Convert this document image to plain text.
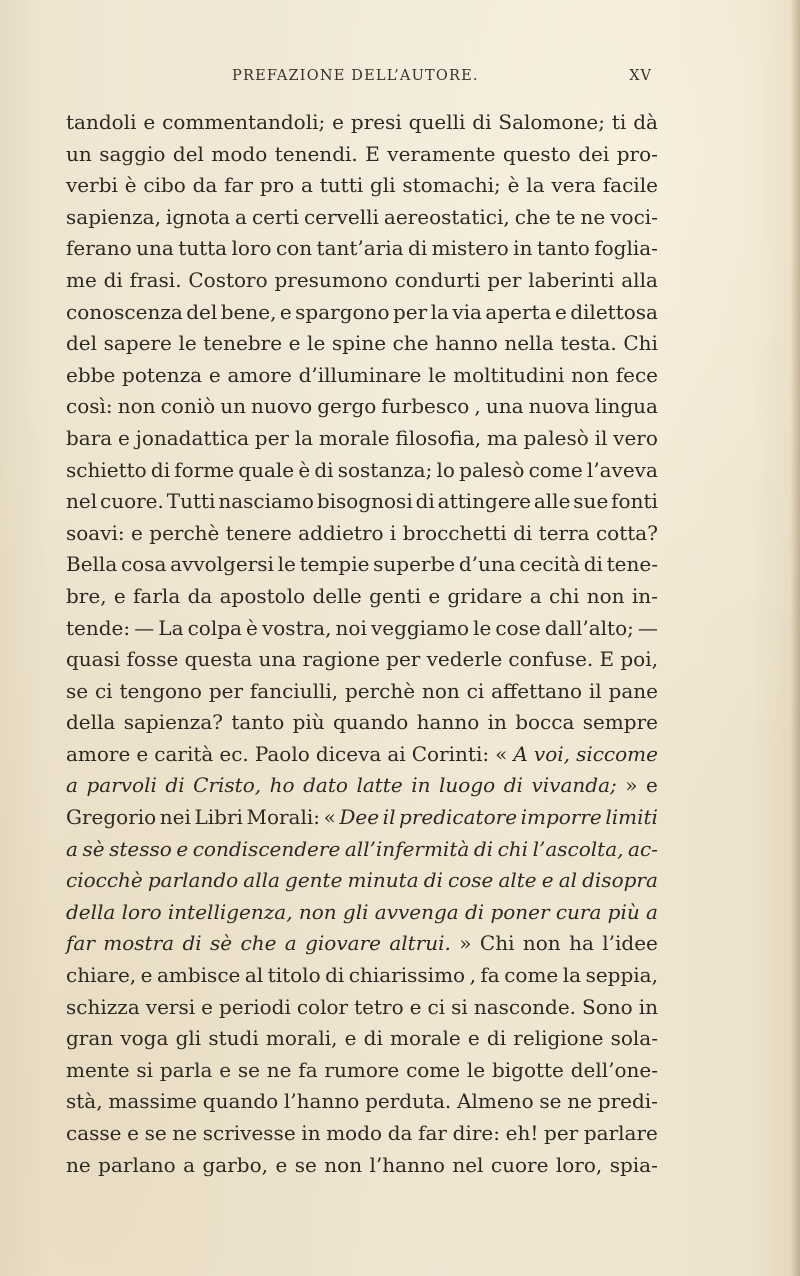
PREFAZIONE DELL’AUTORE.	XV
tandoli e commentandoli; e presi quelli di Salomone; ti dà
un saggio del modo tenendi. E veramente questo dei pro-
verbi è cibo da far pro a tutti gli stomachi; è la vera facile
sapienza, ignota a certi cervelli aereostatici, che te ne voci-
ferano una tutta loro con tant’aria di mistero in tanto foglia-
me di frasi. Costoro presumono condurti per laberinti alla
conoscenza del bene, e spargono per la via aperta e dilettosa
del sapere le tenebre e le spine che hanno nella testa. Chi
ebbe potenza e amore d’illuminare le moltitudini non fece
così: non coniò un nuovo gergo furbesco , una nuova lingua
bara e jonadattica per la morale filosofia, ma palesò il vero
schietto di forme quale è di sostanza; lo palesò come l’aveva
nel cuore. Tutti nasciamo bisognosi di attingere alle sue fonti
soavi: e perchè tenere addietro i brocchetti di terra cotta?
Bella cosa avvolgersi le tempie superbe d’una cecità di tene-
bre, e farla da apostolo delle genti e gridare a chi non in-
tende: — La colpa è vostra, noi veggiamo le cose dall’alto; —
quasi fosse questa una ragione per vederle confuse. E poi,
se ci tengono per fanciulli, perchè non ci affettano il pane
della sapienza? tanto più quando hanno in bocca sempre
amore e carità ec. Paolo diceva ai Corinti: « A voi, siccome
a parvoli di Cristo, ho dato latte in luogo di vivanda; » e
Gregorio nei Libri Morali: « Dee il predicatore imporre limiti
a sè stesso e condiscendere all’infermità di chi l’ascolta, ac-
ciocchè parlando alla gente minuta di cose alte e al disopra
della loro intelligenza, non gli avvenga di poner cura più a
far mostra di sè che a giovare altrui. » Chi non ha l’idee
chiare, e ambisce al titolo di chiarissimo , fa come la seppia,
schizza versi e periodi color tetro e ci si nasconde. Sono in
gran voga gli studi morali, e di morale e di religione sola-
mente si parla e se ne fa rumore come le bigotte dell’one-
stà, massime quando l’hanno perduta. Almeno se ne predi-
casse e se ne scrivesse in modo da far dire: eh! per parlare
ne parlano a garbo, e se non l’hanno nel cuore loro, spia-
